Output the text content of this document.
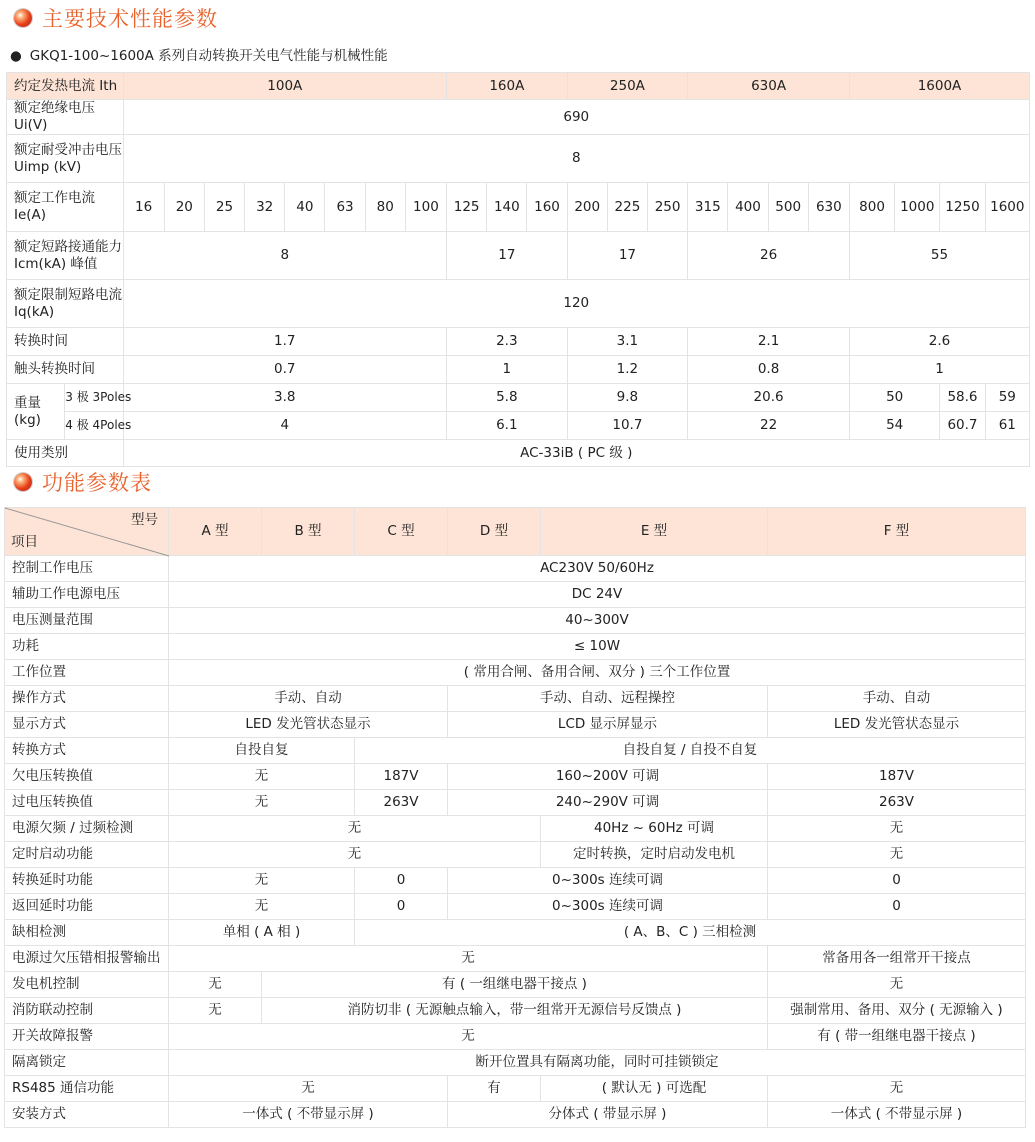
主要技术性能参数
● GKQ1-100~1600A 系列自动转换开关电气性能与机械性能
约定发热电流 Ith		100A								160A			250A			630A				1600A			
额定绝缘电压 Ui(V)		690																					
额定耐受冲击电压 Uimp (kV)		8																					
额定工作电流 Ie(A)		16	20	25	32	40	63	80	100	125	140	160	200	225	250	315	400	500	630	800	1000	1250	1600
额定短路接通能力 Icm(kA) 峰值		8								17			17			26				55			
额定限制短路电流 Iq(kA)		120																					
转换时间		1.7								2.3			3.1			2.1				2.6			
触头转换时间		0.7								1			1.2			0.8				1			
重量 (kg)	3 极 3Poles	3.8								5.8			9.8			20.6				50		58.6	59
	4 极 4Poles	4								6.1			10.7			22				54		60.7	61
使用类别		AC-33iB ( PC 级 )																					
功能参数表
型号
项目	A 型	B 型	C 型	D 型	E 型	F 型
控制工作电压	AC230V 50/60Hz					
辅助工作电源电压	DC 24V					
电压测量范围	40~300V					
功耗	≤ 10W					
工作位置	( 常用合闸、备用合闸、双分 ) 三个工作位置					
操作方式	手动、自动			手动、自动、远程操控		手动、自动
显示方式	LED 发光管状态显示			LCD 显示屏显示		LED 发光管状态显示
转换方式	自投自复		自投自复 / 自投不自复			
欠电压转换值	无		187V	160~200V 可调		187V
过电压转换值	无		263V	240~290V 可调		263V
电源欠频 / 过频检测	无				40Hz ~ 60Hz 可调	无
定时启动功能	无				定时转换，定时启动发电机	无
转换延时功能	无		0	0~300s 连续可调		0
返回延时功能	无		0	0~300s 连续可调		0
缺相检测	单相 ( A 相 )		( A、B、C ) 三相检测			
电源过欠压错相报警输出	无					常备用各一组常开干接点
发电机控制	无	有 ( 一组继电器干接点 )				无
消防联动控制	无	消防切非 ( 无源触点输入，带一组常开无源信号反馈点 )				强制常用、备用、双分 ( 无源输入 )
开关故障报警	无					有 ( 带一组继电器干接点 )
隔离锁定	断开位置具有隔离功能，同时可挂锁锁定					
RS485 通信功能	无			有	( 默认无 ) 可选配	无
安装方式	一体式 ( 不带显示屏 )			分体式 ( 带显示屏 )		一体式 ( 不带显示屏 )
